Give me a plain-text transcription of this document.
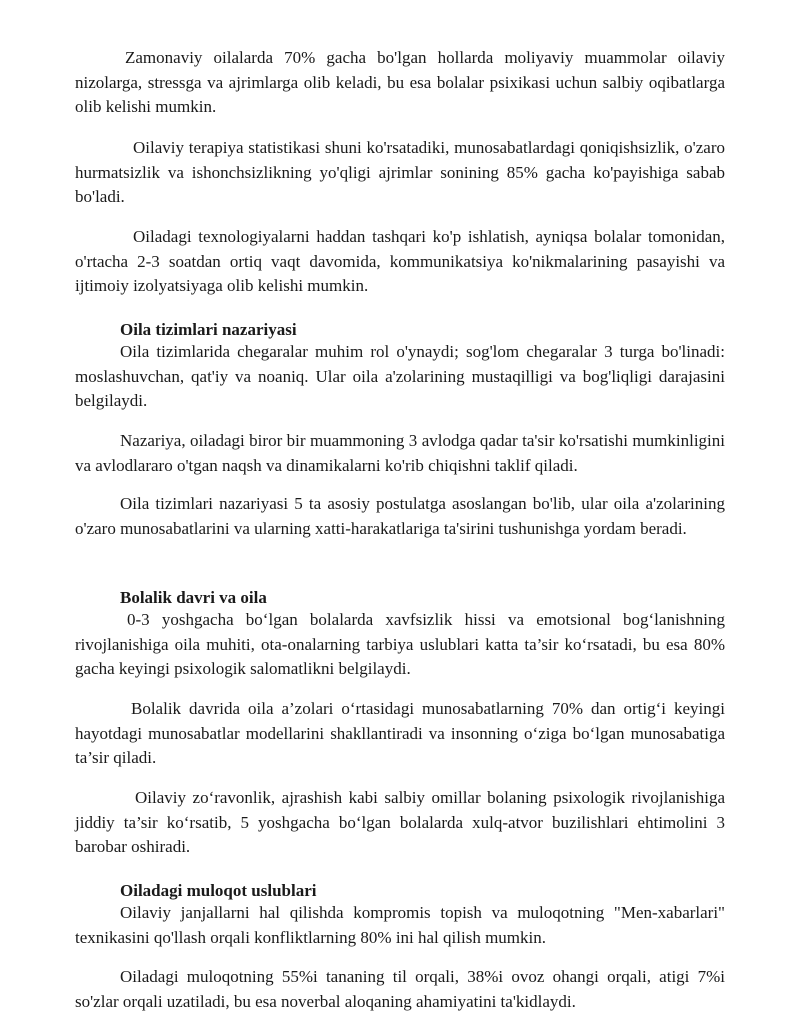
Zamonaviy oilalarda 70% gacha bo'lgan hollarda moliyaviy muammolar oilaviy nizolarga, stressga va ajrimlarga olib keladi, bu esa bolalar psixikasi uchun salbiy oqibatlarga olib kelishi mumkin.

Oilaviy terapiya statistikasi shuni ko'rsatadiki, munosabatlardagi qoniqishsizlik, o'zaro hurmatsizlik va ishonchsizlikning yo'qligi ajrimlar sonining 85% gacha ko'payishiga sabab bo'ladi.

Oiladagi texnologiyalarni haddan tashqari ko'p ishlatish, ayniqsa bolalar tomonidan, o'rtacha 2-3 soatdan ortiq vaqt davomida, kommunikatsiya ko'nikmalarining pasayishi va ijtimoiy izolyatsiyaga olib kelishi mumkin.

Oila tizimlari nazariyasi

Oila tizimlarida chegaralar muhim rol o'ynaydi; sog'lom chegaralar 3 turga bo'linadi: moslashuvchan, qat'iy va noaniq. Ular oila a'zolarining mustaqilligi va bog'liqligi darajasini belgilaydi.

Nazariya, oiladagi biror bir muammoning 3 avlodga qadar ta'sir ko'rsatishi mumkinligini va avlodlararo o'tgan naqsh va dinamikalarni ko'rib chiqishni taklif qiladi.

Oila tizimlari nazariyasi 5 ta asosiy postulatga asoslangan bo'lib, ular oila a'zolarining o'zaro munosabatlarini va ularning xatti-harakatlariga ta'sirini tushunishga yordam beradi.

Bolalik davri va oila

0-3 yoshgacha bo‘lgan bolalarda xavfsizlik hissi va emotsional bog‘lanishning rivojlanishiga oila muhiti, ota-onalarning tarbiya uslublari katta ta’sir ko‘rsatadi, bu esa 80% gacha keyingi psixologik salomatlikni belgilaydi.

Bolalik davrida oila a’zolari o‘rtasidagi munosabatlarning 70% dan ortig‘i keyingi hayotdagi munosabatlar modellarini shakllantiradi va insonning o‘ziga bo‘lgan munosabatiga ta’sir qiladi.

Oilaviy zo‘ravonlik, ajrashish kabi salbiy omillar bolaning psixologik rivojlanishiga jiddiy ta’sir ko‘rsatib, 5 yoshgacha bo‘lgan bolalarda xulq-atvor buzilishlari ehtimolini 3 barobar oshiradi.

Oiladagi muloqot uslublari

Oilaviy janjallarni hal qilishda kompromis topish va muloqotning "Men-xabarlari" texnikasini qo'llash orqali konfliktlarning 80% ini hal qilish mumkin.

Oiladagi muloqotning 55%i tananing til orqali, 38%i ovoz ohangi orqali, atigi 7%i so'zlar orqali uzatiladi, bu esa noverbal aloqaning ahamiyatini ta'kidlaydi.
